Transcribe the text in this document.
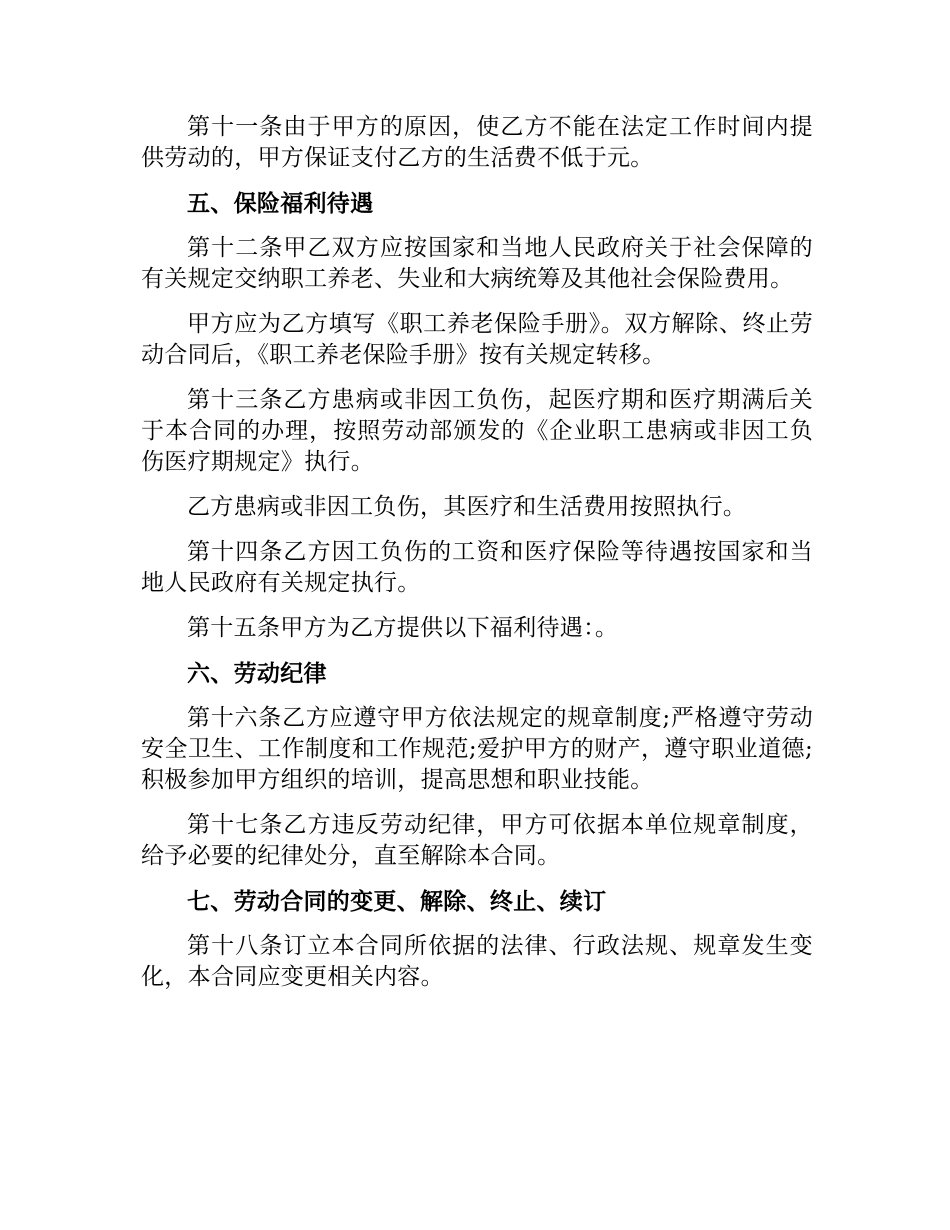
第十一条由于甲方的原因，使乙方不能在法定工作时间内提供劳动的，甲方保证支付乙方的生活费不低于元。

五、保险福利待遇

第十二条甲乙双方应按国家和当地人民政府关于社会保障的有关规定交纳职工养老、失业和大病统筹及其他社会保险费用。

甲方应为乙方填写《职工养老保险手册》。双方解除、终止劳动合同后，《职工养老保险手册》按有关规定转移。

第十三条乙方患病或非因工负伤，起医疗期和医疗期满后关于本合同的办理，按照劳动部颁发的《企业职工患病或非因工负伤医疗期规定》执行。

乙方患病或非因工负伤，其医疗和生活费用按照执行。

第十四条乙方因工负伤的工资和医疗保险等待遇按国家和当地人民政府有关规定执行。

第十五条甲方为乙方提供以下福利待遇：。

六、劳动纪律

第十六条乙方应遵守甲方依法规定的规章制度;严格遵守劳动安全卫生、工作制度和工作规范;爱护甲方的财产，遵守职业道德;积极参加甲方组织的培训，提高思想和职业技能。

第十七条乙方违反劳动纪律，甲方可依据本单位规章制度，给予必要的纪律处分，直至解除本合同。

七、劳动合同的变更、解除、终止、续订

第十八条订立本合同所依据的法律、行政法规、规章发生变化，本合同应变更相关内容。
